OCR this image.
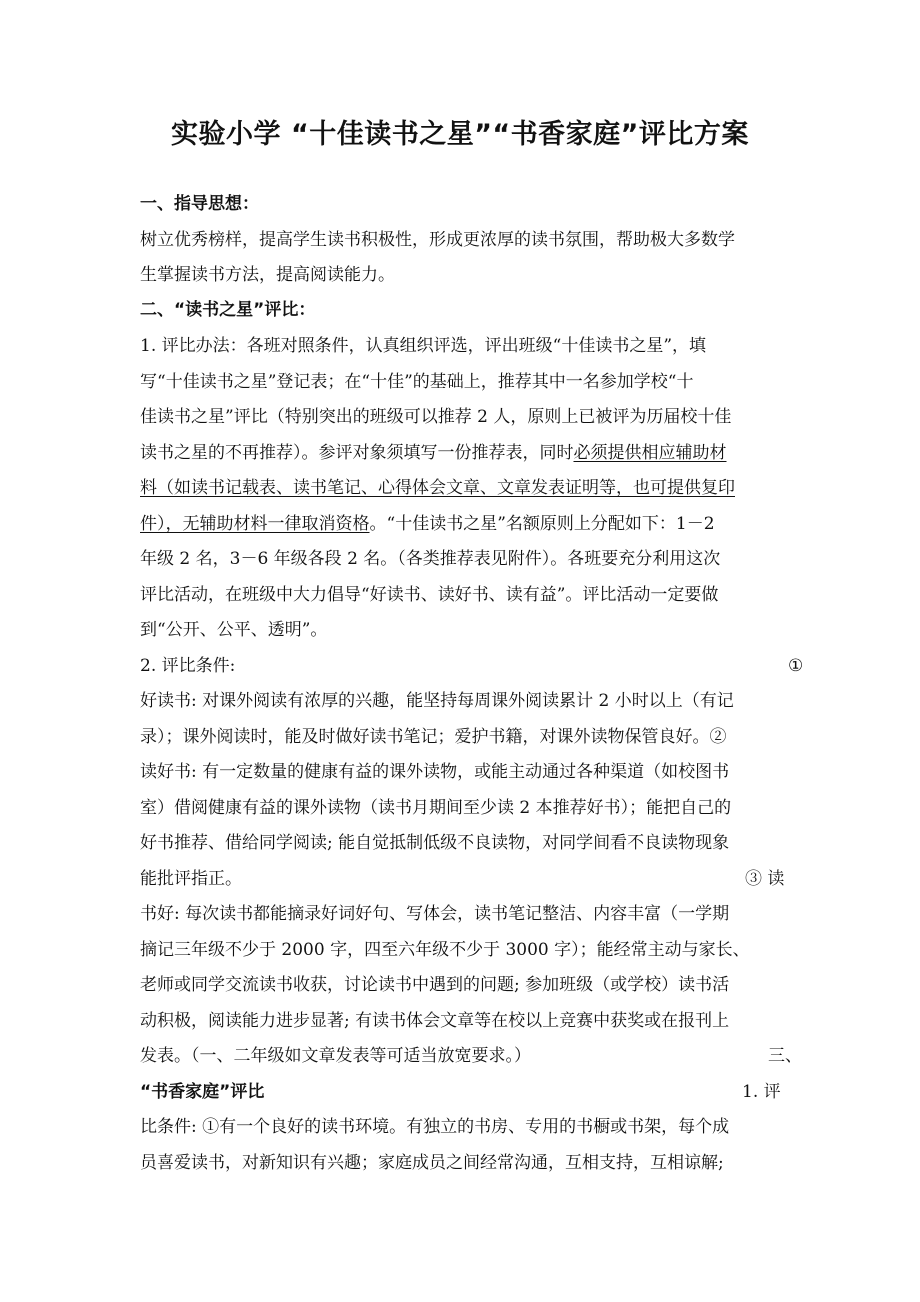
实验小学 “十佳读书之星”“书香家庭”评比方案
一、指导思想：
树立优秀榜样，提高学生读书积极性，形成更浓厚的读书氛围，帮助极大多数学
生掌握读书方法，提高阅读能力。
二、“读书之星”评比：
1. 评比办法：各班对照条件，认真组织评选，评出班级“十佳读书之星”，填
写“十佳读书之星”登记表；在“十佳”的基础上，推荐其中一名参加学校“十
佳读书之星”评比（特别突出的班级可以推荐 2 人，原则上已被评为历届校十佳
读书之星的不再推荐）。参评对象须填写一份推荐表，同时必须提供相应辅助材
料（如读书记载表、读书笔记、心得体会文章、文章发表证明等，也可提供复印
件），无辅助材料一律取消资格。“十佳读书之星”名额原则上分配如下：1－2
年级 2 名，3－6 年级各段 2 名。（各类推荐表见附件）。各班要充分利用这次
评比活动，在班级中大力倡导“好读书、读好书、读有益”。评比活动一定要做
到“公开、公平、透明”。
2. 评比条件:	①
好读书: 对课外阅读有浓厚的兴趣，能坚持每周课外阅读累计 2 小时以上（有记
录）；课外阅读时，能及时做好读书笔记；爱护书籍，对课外读物保管良好。②
读好书: 有一定数量的健康有益的课外读物，或能主动通过各种渠道（如校图书
室）借阅健康有益的课外读物（读书月期间至少读 2 本推荐好书）；能把自己的
好书推荐、借给同学阅读; 能自觉抵制低级不良读物，对同学间看不良读物现象
能批评指正。	③ 读
书好: 每次读书都能摘录好词好句、写体会，读书笔记整洁、内容丰富（一学期
摘记三年级不少于 2000 字，四至六年级不少于 3000 字）；能经常主动与家长、
老师或同学交流读书收获，讨论读书中遇到的问题; 参加班级（或学校）读书活
动积极，阅读能力进步显著; 有读书体会文章等在校以上竞赛中获奖或在报刊上
发表。（一、二年级如文章发表等可适当放宽要求。）	三、
“书香家庭”评比	1. 评
比条件: ①有一个良好的读书环境。有独立的书房、专用的书橱或书架，每个成
员喜爱读书，对新知识有兴趣；家庭成员之间经常沟通，互相支持，互相谅解;
